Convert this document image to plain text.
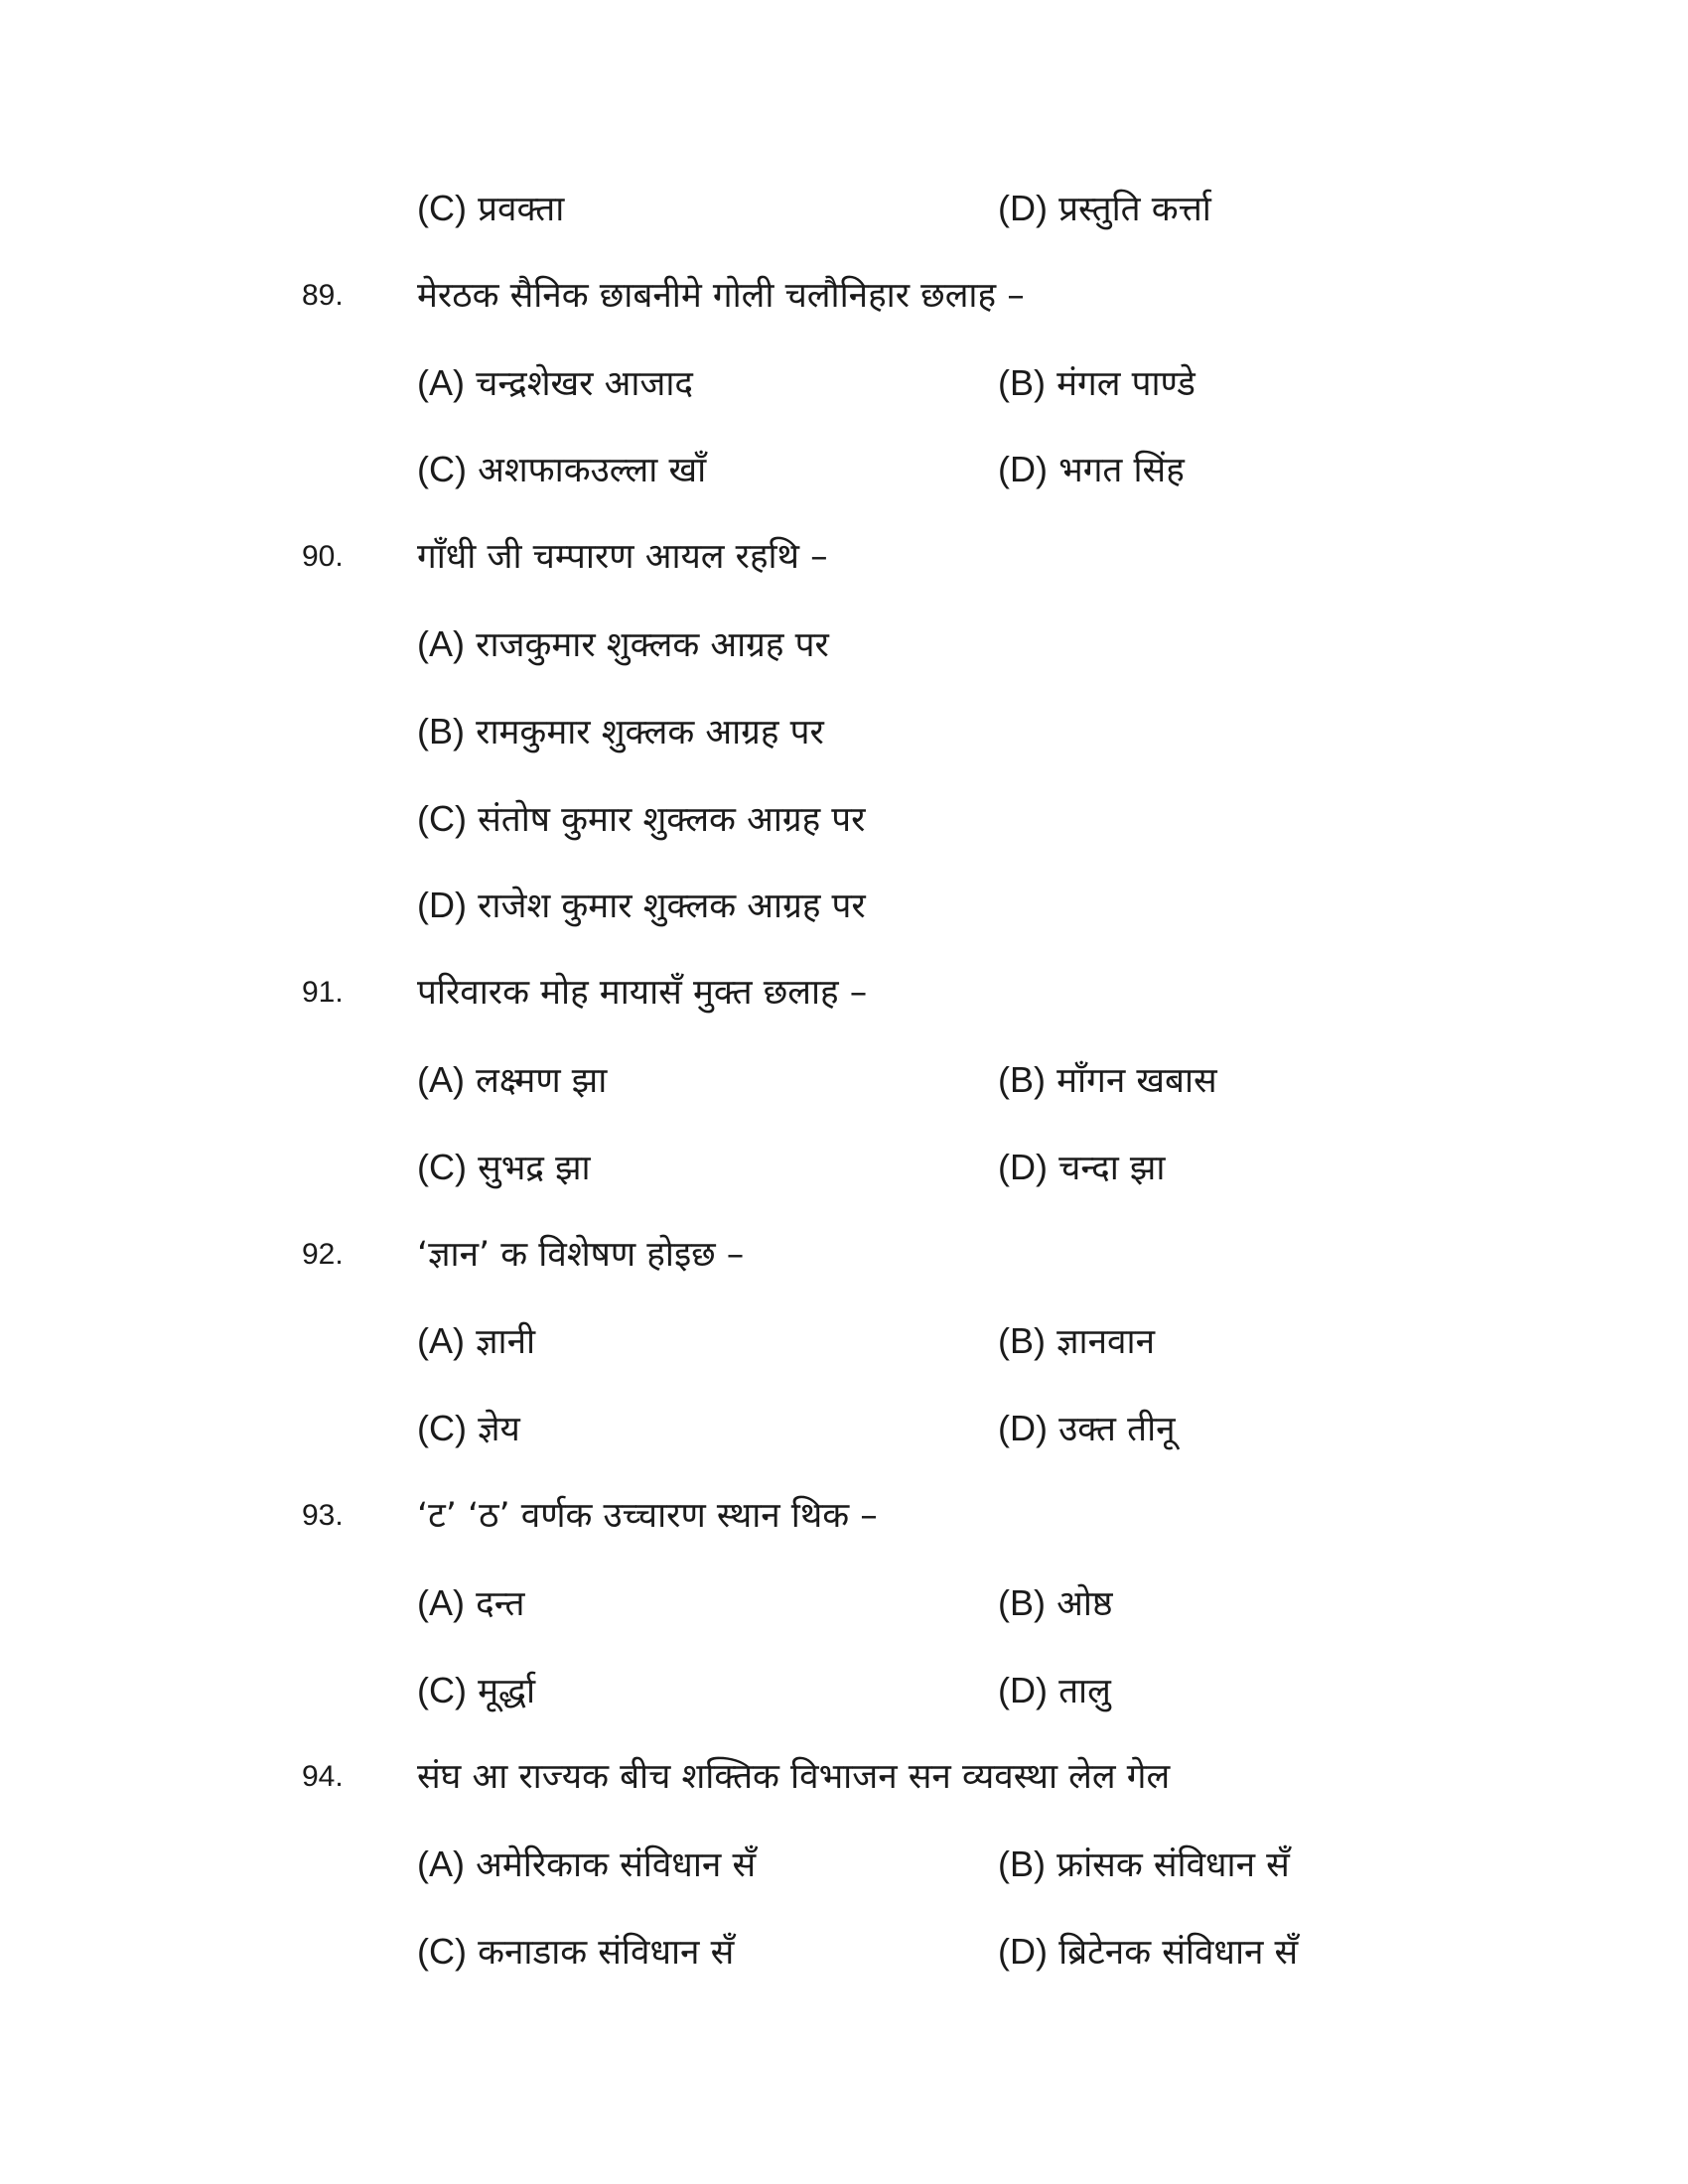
(C) प्रवक्ता	(D) प्रस्तुति कर्त्ता
89.	मेरठक सैनिक छाबनीमे गोली चलौनिहार छलाह –
(A) चन्द्रशेखर आजाद	(B) मंगल पाण्डे
(C) अशफाकउल्ला खाँ	(D) भगत सिंह
90.	गाँधी जी चम्पारण आयल रहथि –
(A) राजकुमार शुक्लक आग्रह पर
(B) रामकुमार शुक्लक आग्रह पर
(C) संतोष कुमार शुक्लक आग्रह पर
(D) राजेश कुमार शुक्लक आग्रह पर
91.	परिवारक मोह मायासँ मुक्त छलाह –
(A) लक्ष्मण झा	(B) माँगन खबास
(C) सुभद्र झा	(D) चन्दा झा
92.	‘ज्ञान’ क विशेषण होइछ –
(A) ज्ञानी	(B) ज्ञानवान
(C) ज्ञेय	(D) उक्त तीनू
93.	‘ट’ ‘ठ’ वर्णक उच्चारण स्थान थिक –
(A) दन्त	(B) ओष्ठ
(C) मूर्द्धा	(D) तालु
94.	संघ आ राज्यक बीच शक्तिक विभाजन सन व्यवस्था लेल गेल
(A) अमेरिकाक संविधान सँ	(B) फ्रांसक संविधान सँ
(C) कनाडाक संविधान सँ	(D) ब्रिटेनक संविधान सँ
